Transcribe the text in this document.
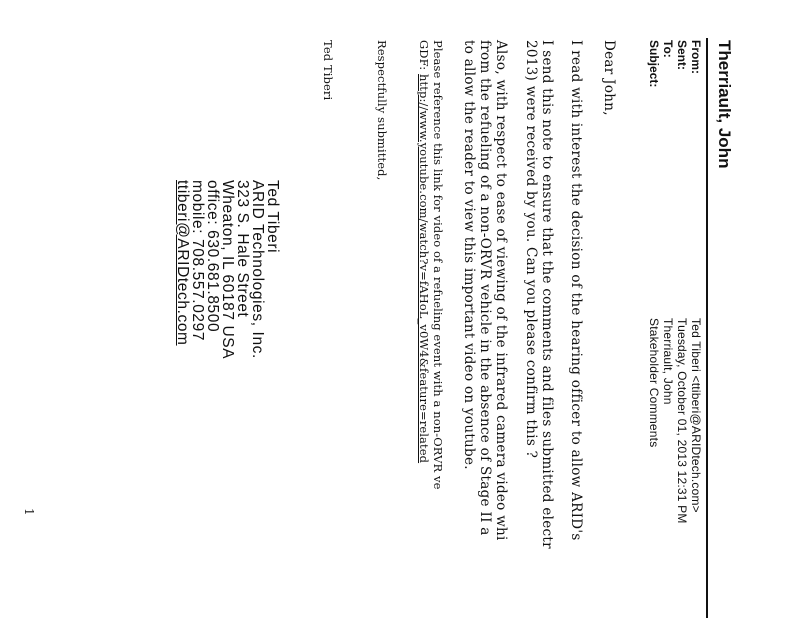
Therriault, John
From:
Ted Tiberi <ttiberi@ARIDtech.com>
Sent:
Tuesday, October 01, 2013 12:31 PM
To:
Therriault, John
Subject:
Stakeholder Comments
Dear John,
I read with interest the decision of the hearing officer to allow ARID's
I send this note to ensure that the comments and files submitted electr
2013) were received by you. Can you please confirm this ?
Also, with respect to ease of viewing of the infrared camera video whi
from the refueling of a non-ORVR vehicle in the absence of Stage II a
to allow the reader to view this important video on youtube.
Please reference this link for video of a refueling event with a non-ORVR ve
GDF: http://www.youtube.com/watch?v=fAHoL_v0W4&feature=related
Respectfully submitted,
Ted Tiberi
Ted Tiberi
ARID Technologies, Inc.
323 S. Hale Street
Wheaton, IL 60187 USA
office: 630.681.8500
mobile: 708.557.0297
ttiberi@ARIDtech.com
1
